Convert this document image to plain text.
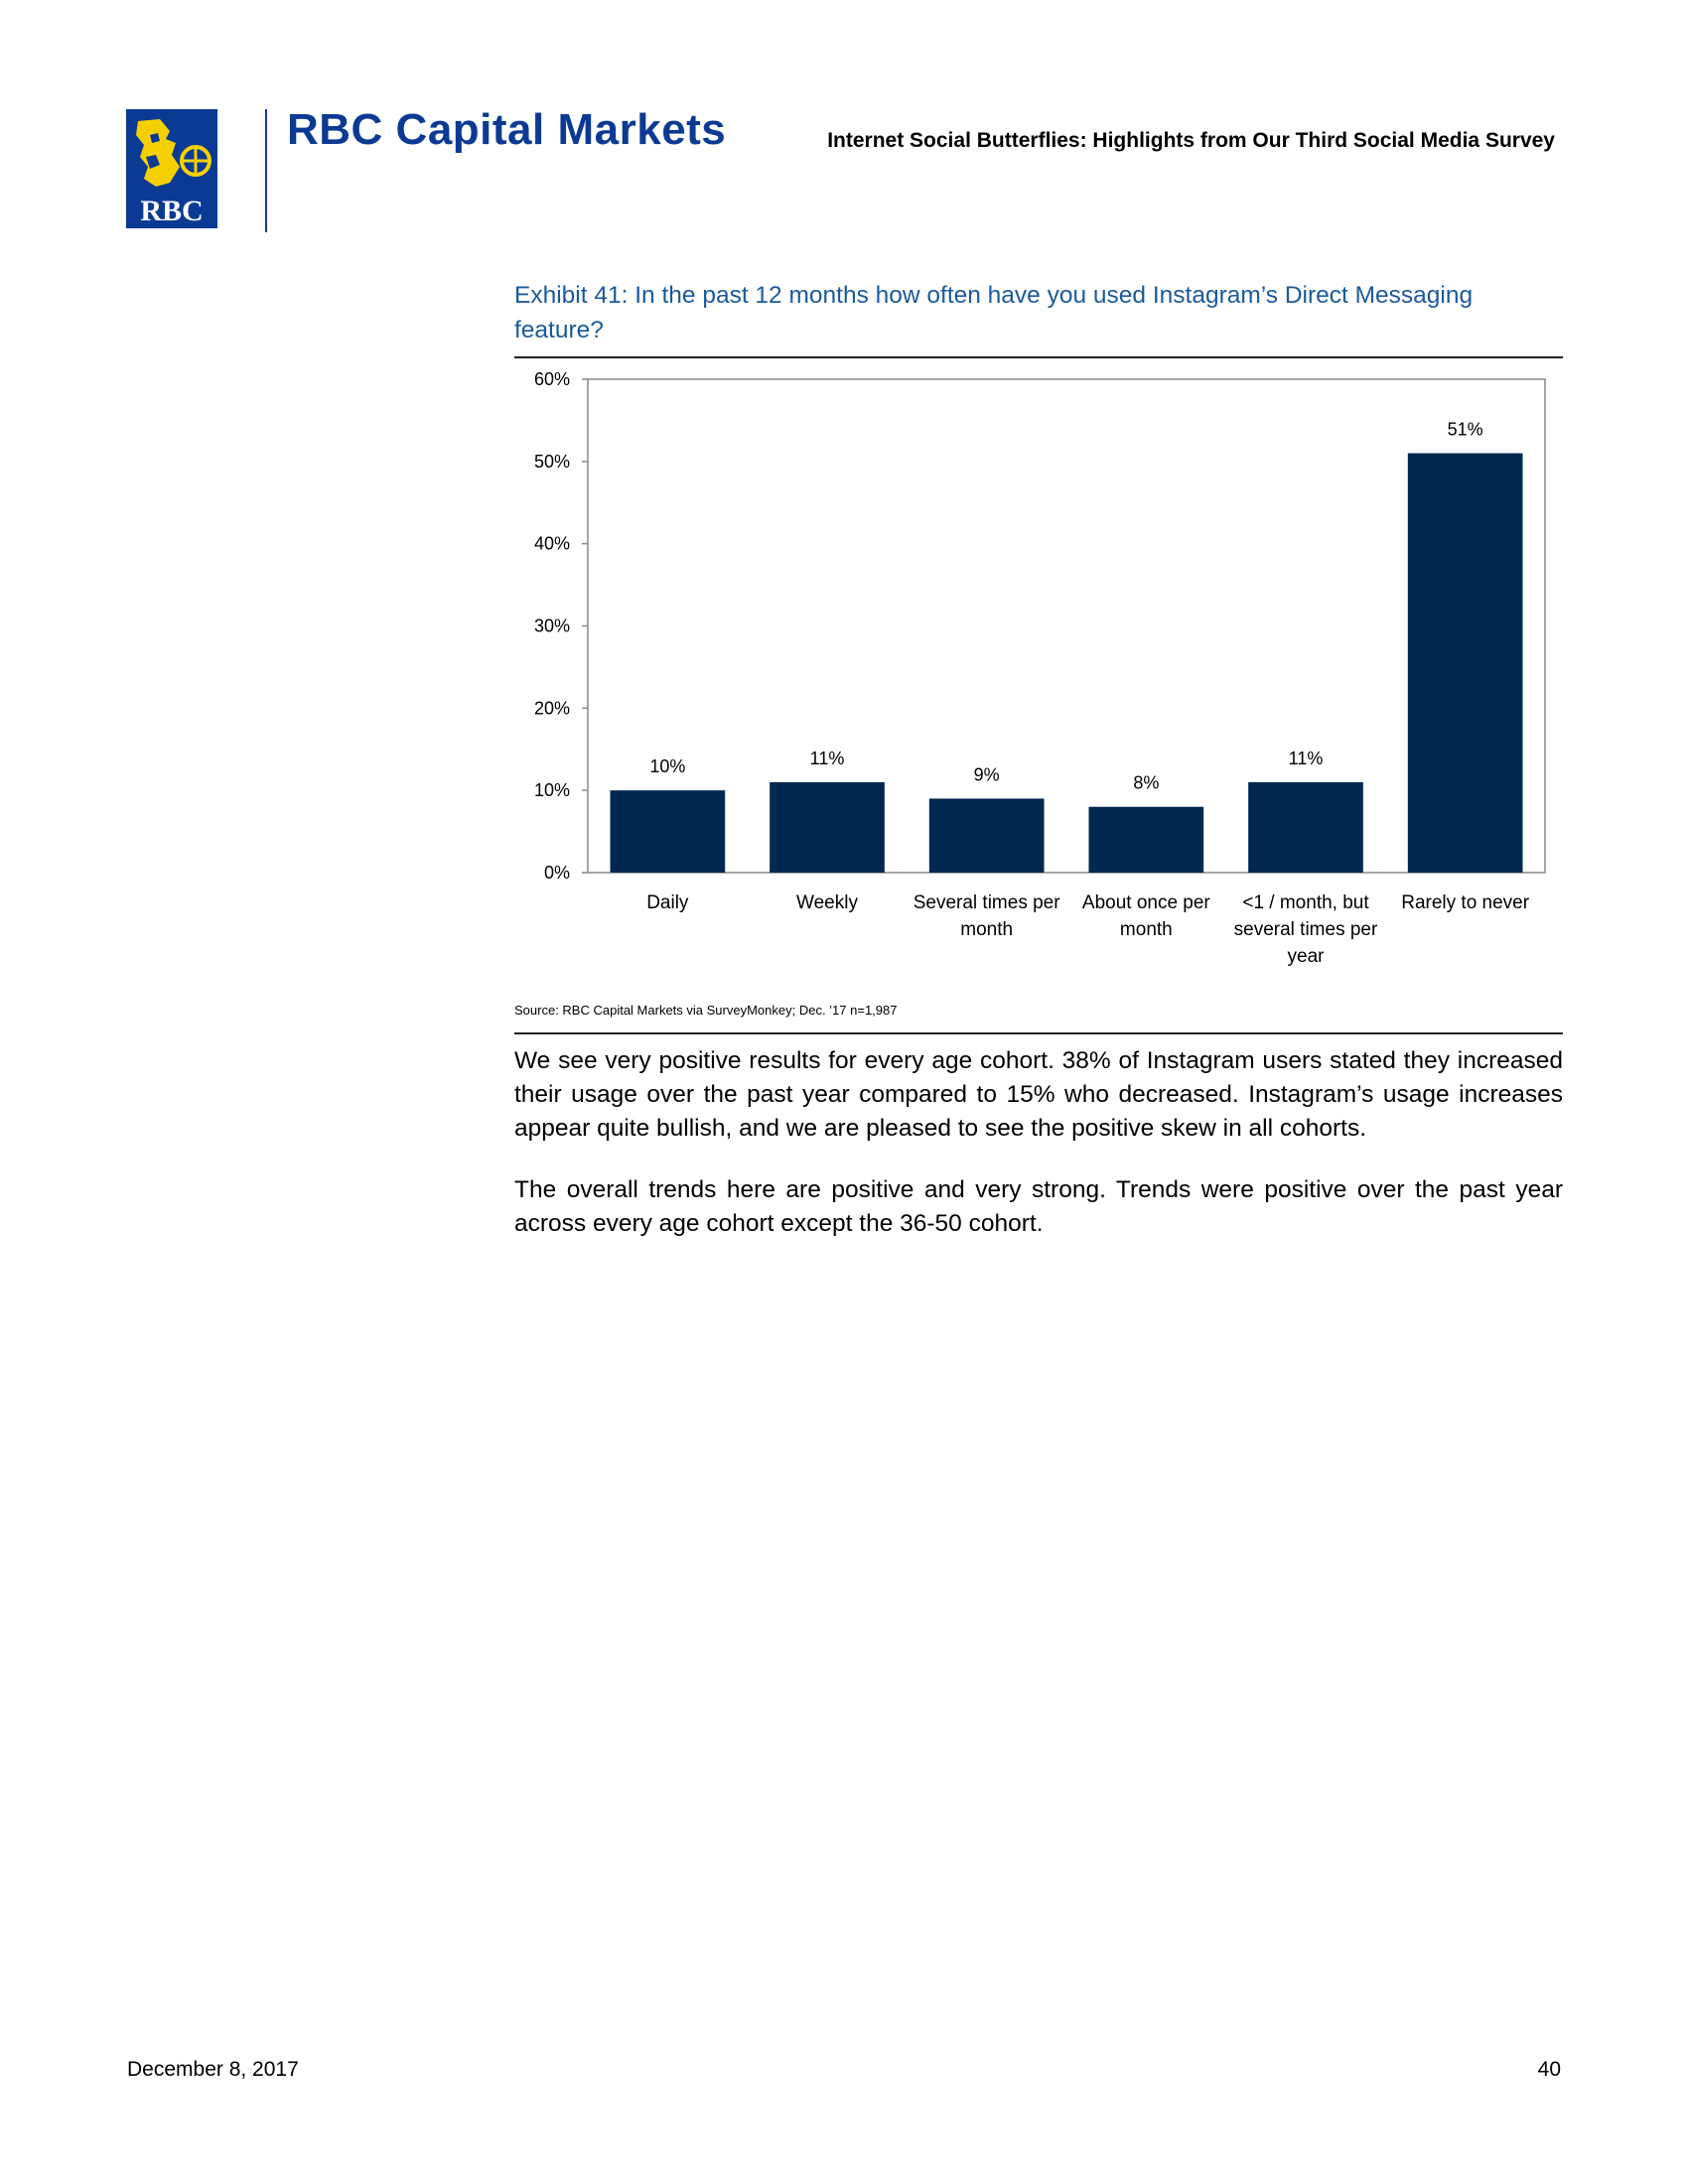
RBC
RBC Capital Markets	Internet Social Butterflies: Highlights from Our Third Social Media Survey
Exhibit 41: In the past 12 months how often have you used Instagram’s Direct Messaging feature?
0%
10%
20%
30%
40%
50%
60%
10%	11%
9%	8%
11%
51%
Daily	Weekly	Several times per month
About once per month
<1 / month, but several times per year
Rarely to never
Source: RBC Capital Markets via SurveyMonkey; Dec. ’17 n=1,987

We see very positive results for every age cohort. 38% of Instagram users stated they increased their usage over the past year compared to 15% who decreased. Instagram’s usage increases appear quite bullish, and we are pleased to see the positive skew in all cohorts.

The overall trends here are positive and very strong. Trends were positive over the past year across every age cohort except the 36-50 cohort.

December 8, 2017	40
